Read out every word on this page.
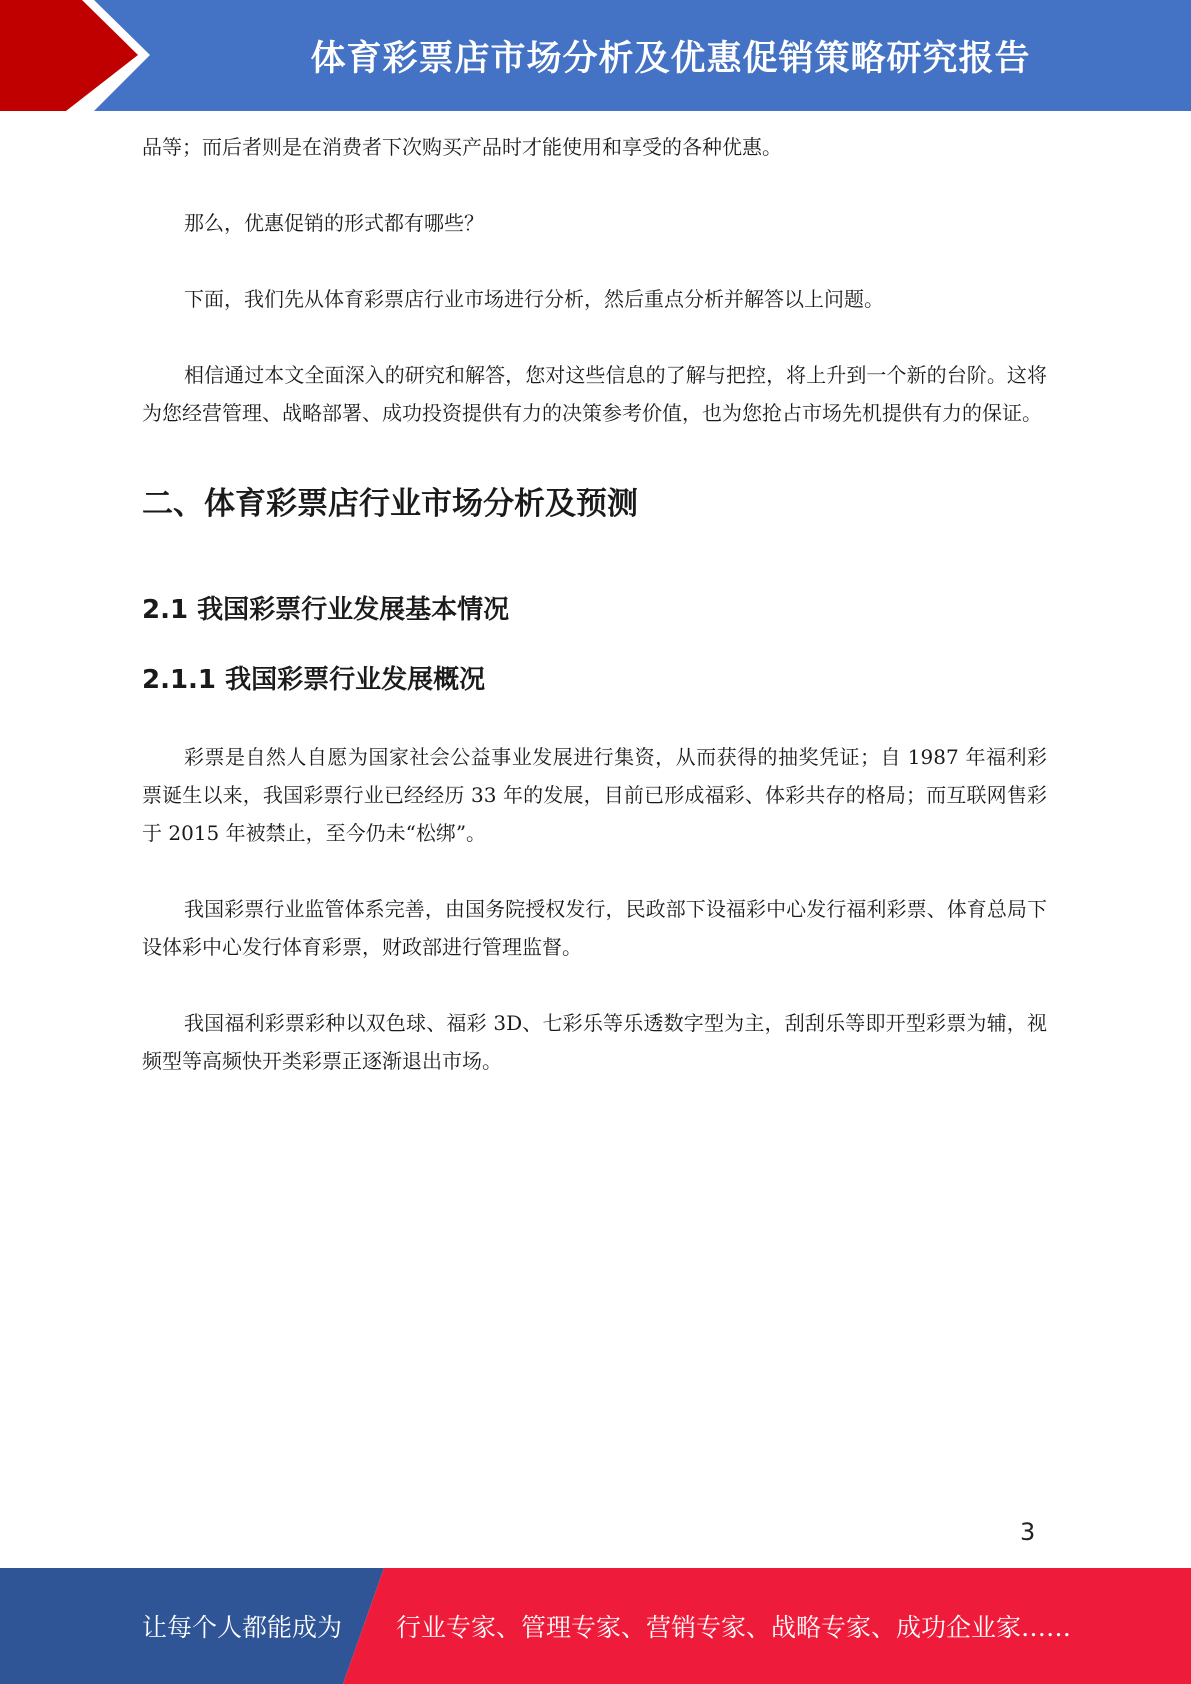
体育彩票店市场分析及优惠促销策略研究报告

品等；而后者则是在消费者下次购买产品时才能使用和享受的各种优惠。

那么，优惠促销的形式都有哪些？

下面，我们先从体育彩票店行业市场进行分析，然后重点分析并解答以上问题。

相信通过本文全面深入的研究和解答，您对这些信息的了解与把控，将上升到一个新的台阶。这将为您经营管理、战略部署、成功投资提供有力的决策参考价值，也为您抢占市场先机提供有力的保证。

二、体育彩票店行业市场分析及预测
2.1 我国彩票行业发展基本情况
2.1.1 我国彩票行业发展概况

彩票是自然人自愿为国家社会公益事业发展进行集资，从而获得的抽奖凭证；自 1987 年福利彩票诞生以来，我国彩票行业已经经历 33 年的发展，目前已形成福彩、体彩共存的格局；而互联网售彩于 2015 年被禁止，至今仍未“松绑”。

我国彩票行业监管体系完善，由国务院授权发行，民政部下设福彩中心发行福利彩票、体育总局下设体彩中心发行体育彩票，财政部进行管理监督。

我国福利彩票彩种以双色球、福彩 3D、七彩乐等乐透数字型为主，刮刮乐等即开型彩票为辅，视频型等高频快开类彩票正逐渐退出市场。

3
让每个人都能成为 行业专家、管理专家、营销专家、战略专家、成功企业家……
